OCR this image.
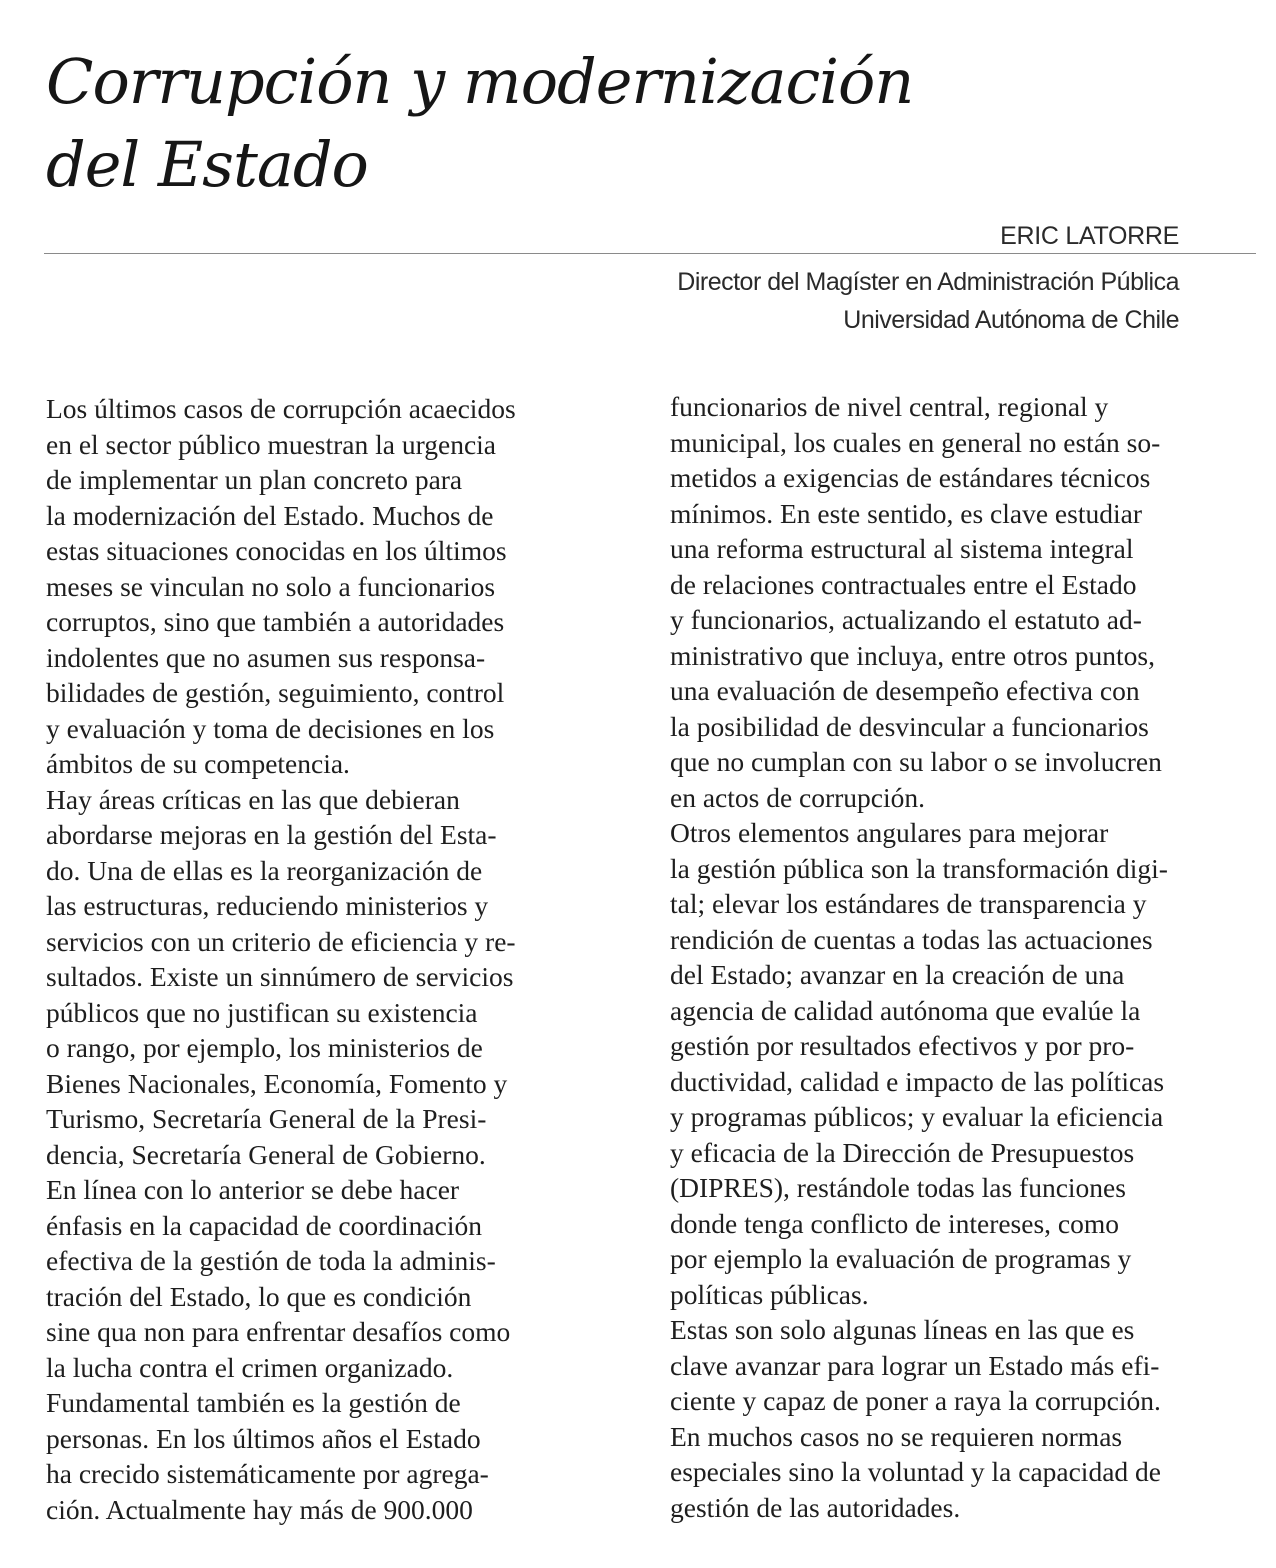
Corrupción y modernización
del Estado
ERIC LATORRE
Director del Magíster en Administración Pública
Universidad Autónoma de Chile
Los últimos casos de corrupción acaecidos
en el sector público muestran la urgencia
de implementar un plan concreto para
la modernización del Estado. Muchos de
estas situaciones conocidas en los últimos
meses se vinculan no solo a funcionarios
corruptos, sino que también a autoridades
indolentes que no asumen sus responsa-
bilidades de gestión, seguimiento, control
y evaluación y toma de decisiones en los
ámbitos de su competencia.
Hay áreas críticas en las que debieran
abordarse mejoras en la gestión del Esta-
do. Una de ellas es la reorganización de
las estructuras, reduciendo ministerios y
servicios con un criterio de eficiencia y re-
sultados. Existe un sinnúmero de servicios
públicos que no justifican su existencia
o rango, por ejemplo, los ministerios de
Bienes Nacionales, Economía, Fomento y
Turismo, Secretaría General de la Presi-
dencia, Secretaría General de Gobierno.
En línea con lo anterior se debe hacer
énfasis en la capacidad de coordinación
efectiva de la gestión de toda la adminis-
tración del Estado, lo que es condición
sine qua non para enfrentar desafíos como
la lucha contra el crimen organizado.
Fundamental también es la gestión de
personas. En los últimos años el Estado
ha crecido sistemáticamente por agrega-
ción. Actualmente hay más de 900.000
funcionarios de nivel central, regional y
municipal, los cuales en general no están so-
metidos a exigencias de estándares técnicos
mínimos. En este sentido, es clave estudiar
una reforma estructural al sistema integral
de relaciones contractuales entre el Estado
y funcionarios, actualizando el estatuto ad-
ministrativo que incluya, entre otros puntos,
una evaluación de desempeño efectiva con
la posibilidad de desvincular a funcionarios
que no cumplan con su labor o se involucren
en actos de corrupción.
Otros elementos angulares para mejorar
la gestión pública son la transformación digi-
tal; elevar los estándares de transparencia y
rendición de cuentas a todas las actuaciones
del Estado; avanzar en la creación de una
agencia de calidad autónoma que evalúe la
gestión por resultados efectivos y por pro-
ductividad, calidad e impacto de las políticas
y programas públicos; y evaluar la eficiencia
y eficacia de la Dirección de Presupuestos
(DIPRES), restándole todas las funciones
donde tenga conflicto de intereses, como
por ejemplo la evaluación de programas y
políticas públicas.
Estas son solo algunas líneas en las que es
clave avanzar para lograr un Estado más efi-
ciente y capaz de poner a raya la corrupción.
En muchos casos no se requieren normas
especiales sino la voluntad y la capacidad de
gestión de las autoridades.
